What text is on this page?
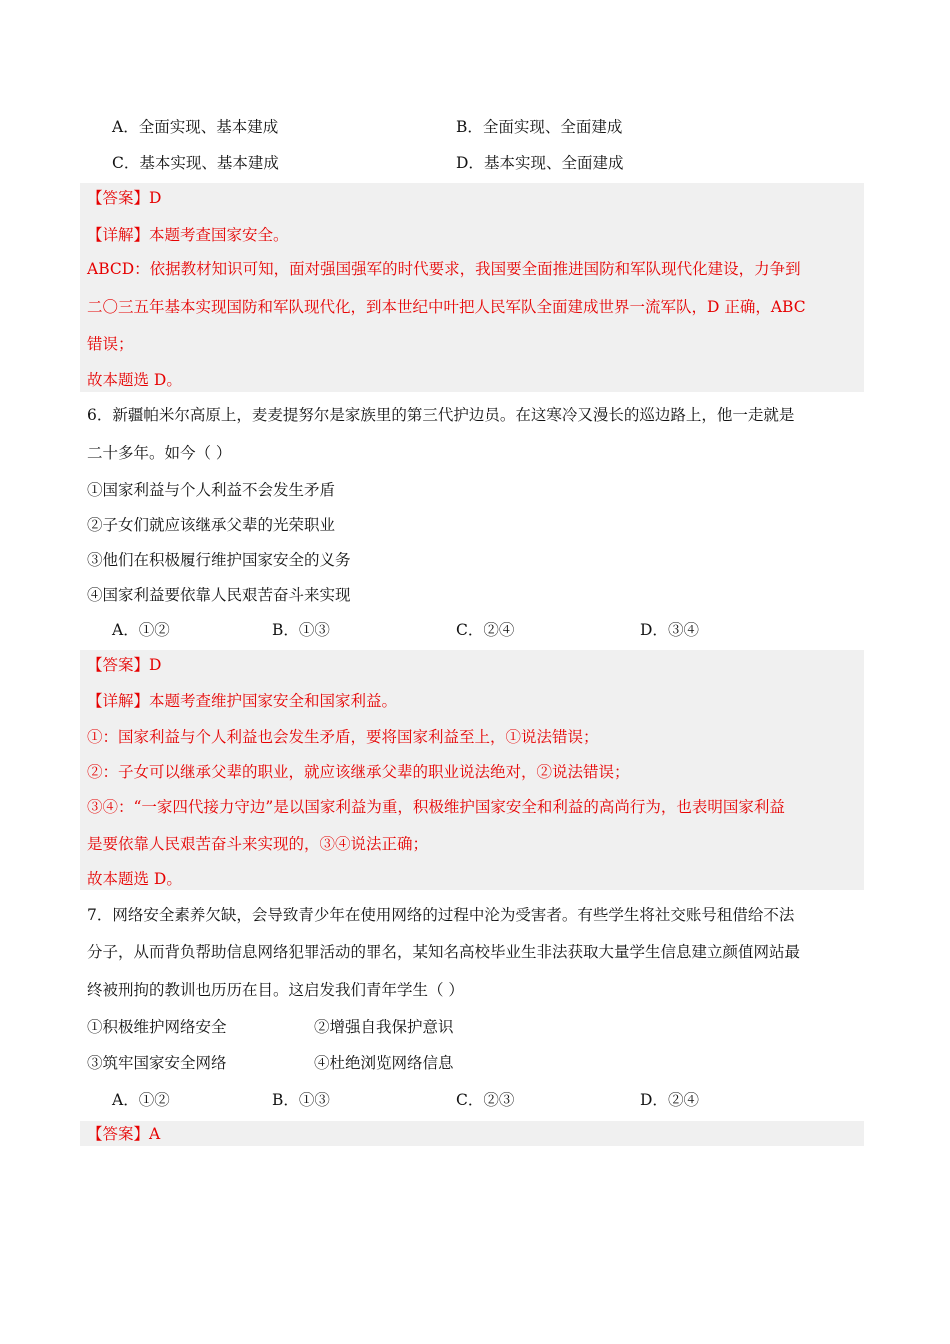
A．全面实现、基本建成	B．全面实现、全面建成
C．基本实现、基本建成	D．基本实现、全面建成
【答案】D
【详解】本题考查国家安全。
ABCD：依据教材知识可知，面对强国强军的时代要求，我国要全面推进国防和军队现代化建设，力争到
二〇三五年基本实现国防和军队现代化，到本世纪中叶把人民军队全面建成世界一流军队，D 正确，ABC
错误；
故本题选 D。
6．新疆帕米尔高原上，麦麦提努尔是家族里的第三代护边员。在这寒冷又漫长的巡边路上，他一走就是
二十多年。如今（ ）
①国家利益与个人利益不会发生矛盾
②子女们就应该继承父辈的光荣职业
③他们在积极履行维护国家安全的义务
④国家利益要依靠人民艰苦奋斗来实现
A．①②	B．①③	C．②④	D．③④
【答案】D
【详解】本题考查维护国家安全和国家利益。
①：国家利益与个人利益也会发生矛盾，要将国家利益至上，①说法错误；
②：子女可以继承父辈的职业，就应该继承父辈的职业说法绝对，②说法错误；
③④：“一家四代接力守边”是以国家利益为重，积极维护国家安全和利益的高尚行为，也表明国家利益
是要依靠人民艰苦奋斗来实现的，③④说法正确；
故本题选 D。
7．网络安全素养欠缺，会导致青少年在使用网络的过程中沦为受害者。有些学生将社交账号租借给不法
分子，从而背负帮助信息网络犯罪活动的罪名，某知名高校毕业生非法获取大量学生信息建立颜值网站最
终被刑拘的教训也历历在目。这启发我们青年学生（ ）
①积极维护网络安全	②增强自我保护意识
③筑牢国家安全网络	④杜绝浏览网络信息
A．①②	B．①③	C．②③	D．②④
【答案】A
